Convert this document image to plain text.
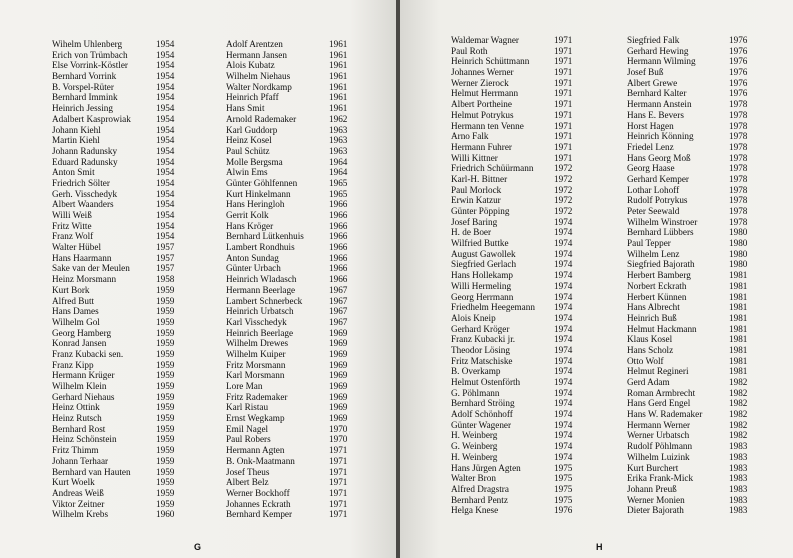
Wihelm Uhlenberg	1954
Erich von Trümbach	1954
Else Vorrink-Köstler	1954
Bernhard Vorrink	1954
B. Vorspel-Rüter	1954
Bernhard Immink	1954
Heinrich Jessing	1954
Adalbert Kasprowiak	1954
Johann Kiehl	1954
Martin Kiehl	1954
Johann Radunsky	1954
Eduard Radunsky	1954
Anton Smit	1954
Friedrich Sölter	1954
Gerh. Visschedyk	1954
Albert Waanders	1954
Willi Weiß	1954
Fritz Witte	1954
Franz Wolf	1954
Walter Hübel	1957
Hans Haarmann	1957
Sake van der Meulen	1957
Heinz Morsmann	1958
Kurt Bork	1959
Alfred Butt	1959
Hans Dames	1959
Wilhelm Gol	1959
Georg Hamberg	1959
Konrad Jansen	1959
Franz Kubacki sen.	1959
Franz Kipp	1959
Hermann Krüger	1959
Wilhelm Klein	1959
Gerhard Niehaus	1959
Heinz Ottink	1959
Heinz Rutsch	1959
Bernhard Rost	1959
Heinz Schönstein	1959
Fritz Thimm	1959
Johann Terhaar	1959
Bernhard van Hauten	1959
Kurt Woelk	1959
Andreas Weiß	1959
Viktor Zeitner	1959
Wilhelm Krebs	1960
Adolf Arentzen	1961
Hermann Jansen	1961
Alois Kubatz	1961
Wilhelm Niehaus	1961
Walter Nordkamp	1961
Heinrich Pfaff	1961
Hans Smit	1961
Arnold Rademaker	1962
Karl Guddorp	1963
Heinz Kosel	1963
Paul Schütz	1963
Molle Bergsma	1964
Alwin Ems	1964
Günter Göhlfennen	1965
Kurt Hinkelmann	1965
Hans Heringloh	1966
Gerrit Kolk	1966
Hans Kröger	1966
Bernhard Lütkenhuis	1966
Lambert Rondhuis	1966
Anton Sundag	1966
Günter Urbach	1966
Heinrich Wladasch	1966
Hermann Beerlage	1967
Lambert Schnerbeck	1967
Heinrich Urbatsch	1967
Karl Visschedyk	1967
Heinrich Beerlage	1969
Wilhelm Drewes	1969
Wilhelm Kuiper	1969
Fritz Morsmann	1969
Karl Morsmann	1969
Lore Man	1969
Fritz Rademaker	1969
Karl Ristau	1969
Ernst Wegkamp	1969
Emil Nagel	1970
Paul Robers	1970
Hermann Agten	1971
B. Onk-Maatmann	1971
Josef Theus	1971
Albert Belz	1971
Werner Bockhoff	1971
Johannes Eckrath	1971
Bernhard Kemper	1971
G
Waldemar Wagner	1971
Paul Roth	1971
Heinrich Schüttmann	1971
Johannes Werner	1971
Werner Zierock	1971
Helmut Herrmann	1971
Albert Portheine	1971
Helmut Potrykus	1971
Hermann ten Venne	1971
Arno Falk	1971
Hermann Fuhrer	1971
Willi Kittner	1971
Friedrich Schüürmann 1972
Karl-H. Bittner	1972
Paul Morlock	1972
Erwin Katzur	1972
Günter Pöpping	1972
Josef Baring	1974
H. de Boer	1974
Wilfried Buttke	1974
August Gawollek	1974
Siegfried Gerlach	1974
Hans Hollekamp	1974
Willi Hermeling	1974
Georg Herrmann	1974
Friedhelm Heegemann 1974
Alois Kneip	1974
Gerhard Kröger	1974
Franz Kubacki jr.	1974
Theodor Lösing	1974
Fritz Matschiske	1974
B. Overkamp	1974
Helmut Ostenförth	1974
G. Pöhlmann	1974
Bernhard Ströing	1974
Adolf Schönhoff	1974
Günter Wagener	1974
H. Weinberg	1974
G. Weinberg	1974
H. Weinberg	1974
Hans Jürgen Agten	1975
Walter Bron	1975
Alfred Dragstra	1975
Bernhard Pentz	1975
Helga Knese	1976
Siegfried Falk	1976
Gerhard Hewing	1976
Hermann Wilming	1976
Josef Buß	1976
Albert Grewe	1976
Bernhard Kalter	1976
Hermann Anstein	1978
Hans E. Bevers	1978
Horst Hagen	1978
Heinrich Könning	1978
Friedel Lenz	1978
Hans Georg Moß	1978
Georg Haase	1978
Gerhard Kemper	1978
Lothar Lohoff	1978
Rudolf Potrykus	1978
Peter Seewald	1978
Wilhelm Winstroer	1978
Bernhard Lübbers	1980
Paul Tepper	1980
Wilhelm Lenz	1980
Siegfried Bajorath	1980
Herbert Bamberg	1981
Norbert Eckrath	1981
Herbert Künnen	1981
Hans Albrecht	1981
Heinrich Buß	1981
Helmut Hackmann	1981
Klaus Kosel	1981
Hans Scholz	1981
Otto Wolf	1981
Helmut Regineri	1981
Gerd Adam	1982
Roman Armbrecht	1982
Hans Gerd Engel	1982
Hans W. Rademaker	1982
Hermann Werner	1982
Werner Urbatsch	1982
Rudolf Pöhlmann	1983
Wilhelm Luizink	1983
Kurt Burchert	1983
Erika Frank-Mick	1983
Johann Preuß	1983
Werner Monien	1983
Dieter Bajorath	1983
H
